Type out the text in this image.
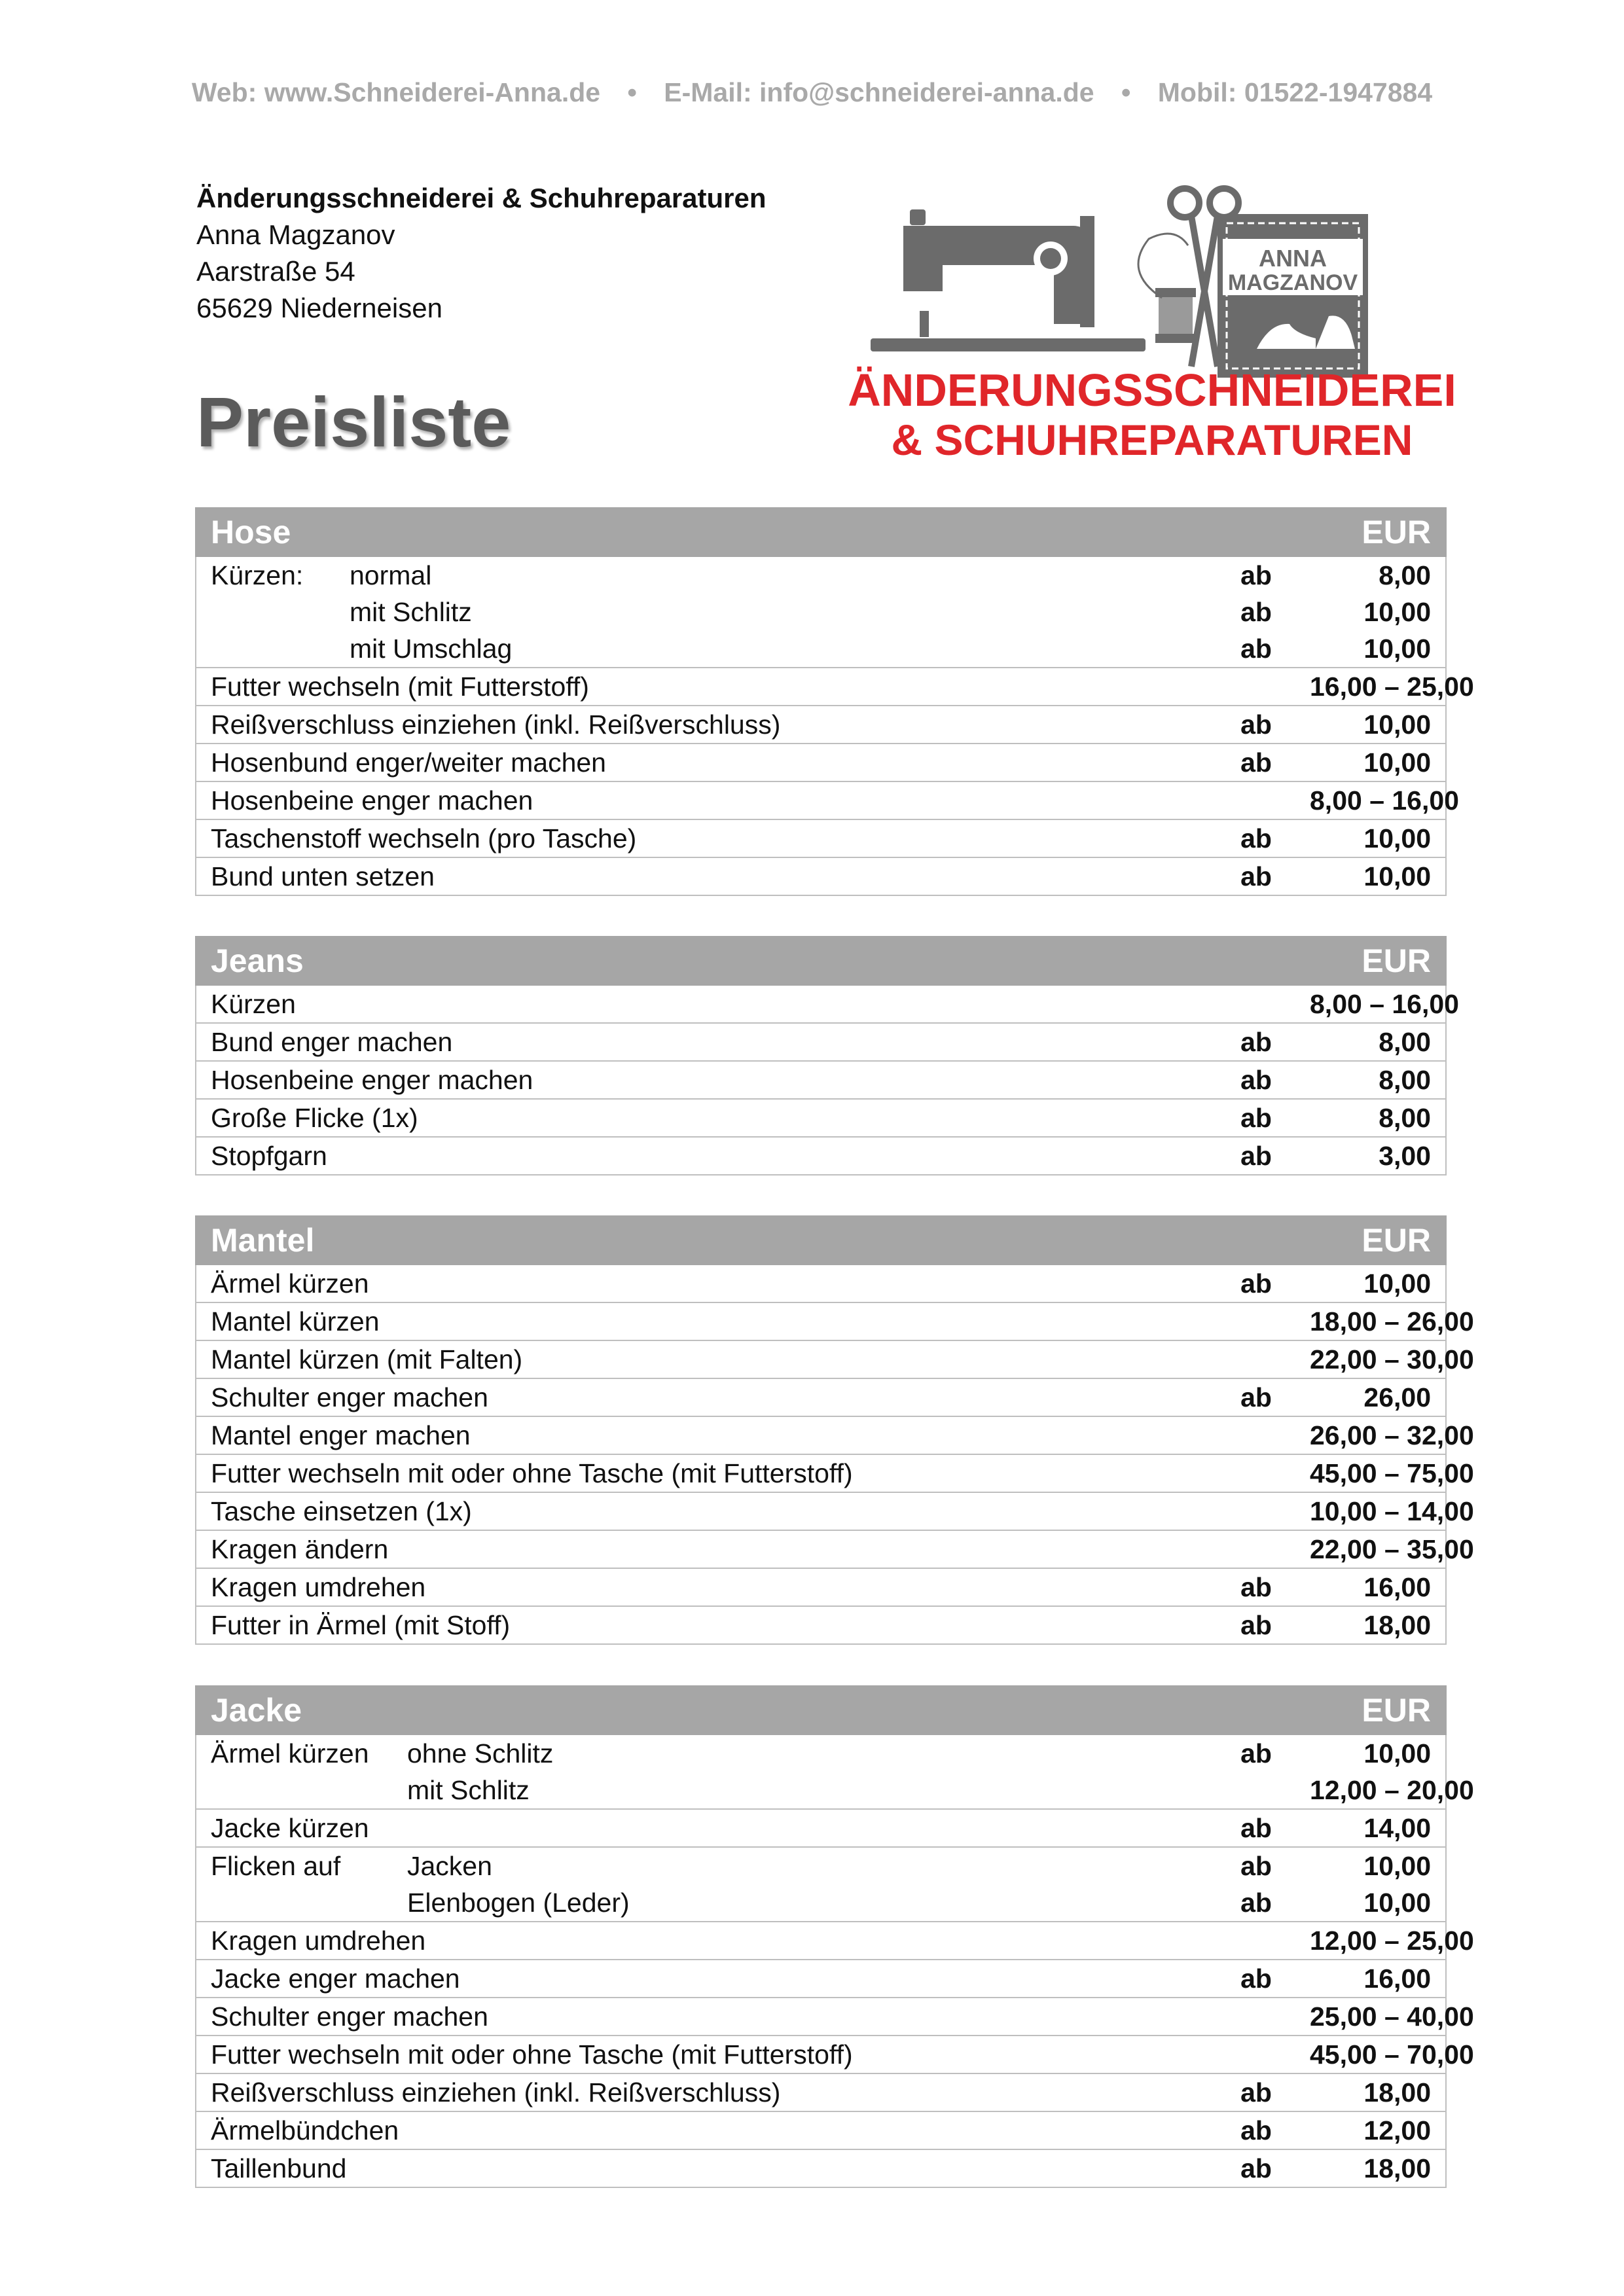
Web: www.Schneiderei-Anna.de • E-Mail: info@schneiderei-anna.de • Mobil: 01522-1947884
Änderungsschneiderei & Schuhreparaturen
Anna Magzanov
Aarstraße 54
65629 Niederneisen
Preisliste
ANNA
MAGZANOV
ÄNDERUNGSSCHNEIDEREI
& SCHUHREPARATUREN
Hose		EUR
Kürzen: normal	ab	8,00
mit Schlitz	ab	10,00
mit Umschlag	ab	10,00
Futter wechseln (mit Futterstoff)		16,00 – 25,00
Reißverschluss einziehen (inkl. Reißverschluss)	ab	10,00
Hosenbund enger/weiter machen	ab	10,00
Hosenbeine enger machen		8,00 – 16,00
Taschenstoff wechseln (pro Tasche)	ab	10,00
Bund unten setzen	ab	10,00
Jeans		EUR
Kürzen		8,00 – 16,00
Bund enger machen	ab	8,00
Hosenbeine enger machen	ab	8,00
Große Flicke (1x)	ab	8,00
Stopfgarn	ab	3,00
Mantel		EUR
Ärmel kürzen	ab	10,00
Mantel kürzen		18,00 – 26,00
Mantel kürzen (mit Falten)		22,00 – 30,00
Schulter enger machen	ab	26,00
Mantel enger machen		26,00 – 32,00
Futter wechseln mit oder ohne Tasche (mit Futterstoff)		45,00 – 75,00
Tasche einsetzen (1x)		10,00 – 14,00
Kragen ändern		22,00 – 35,00
Kragen umdrehen	ab	16,00
Futter in Ärmel (mit Stoff)	ab	18,00
Jacke		EUR
Ärmel kürzen ohne Schlitz	ab	10,00
mit Schlitz		12,00 – 20,00
Jacke kürzen	ab	14,00
Flicken auf Jacken	ab	10,00
Elenbogen (Leder)	ab	10,00
Kragen umdrehen		12,00 – 25,00
Jacke enger machen	ab	16,00
Schulter enger machen		25,00 – 40,00
Futter wechseln mit oder ohne Tasche (mit Futterstoff)		45,00 – 70,00
Reißverschluss einziehen (inkl. Reißverschluss)	ab	18,00
Ärmelbündchen	ab	12,00
Taillenbund	ab	18,00
